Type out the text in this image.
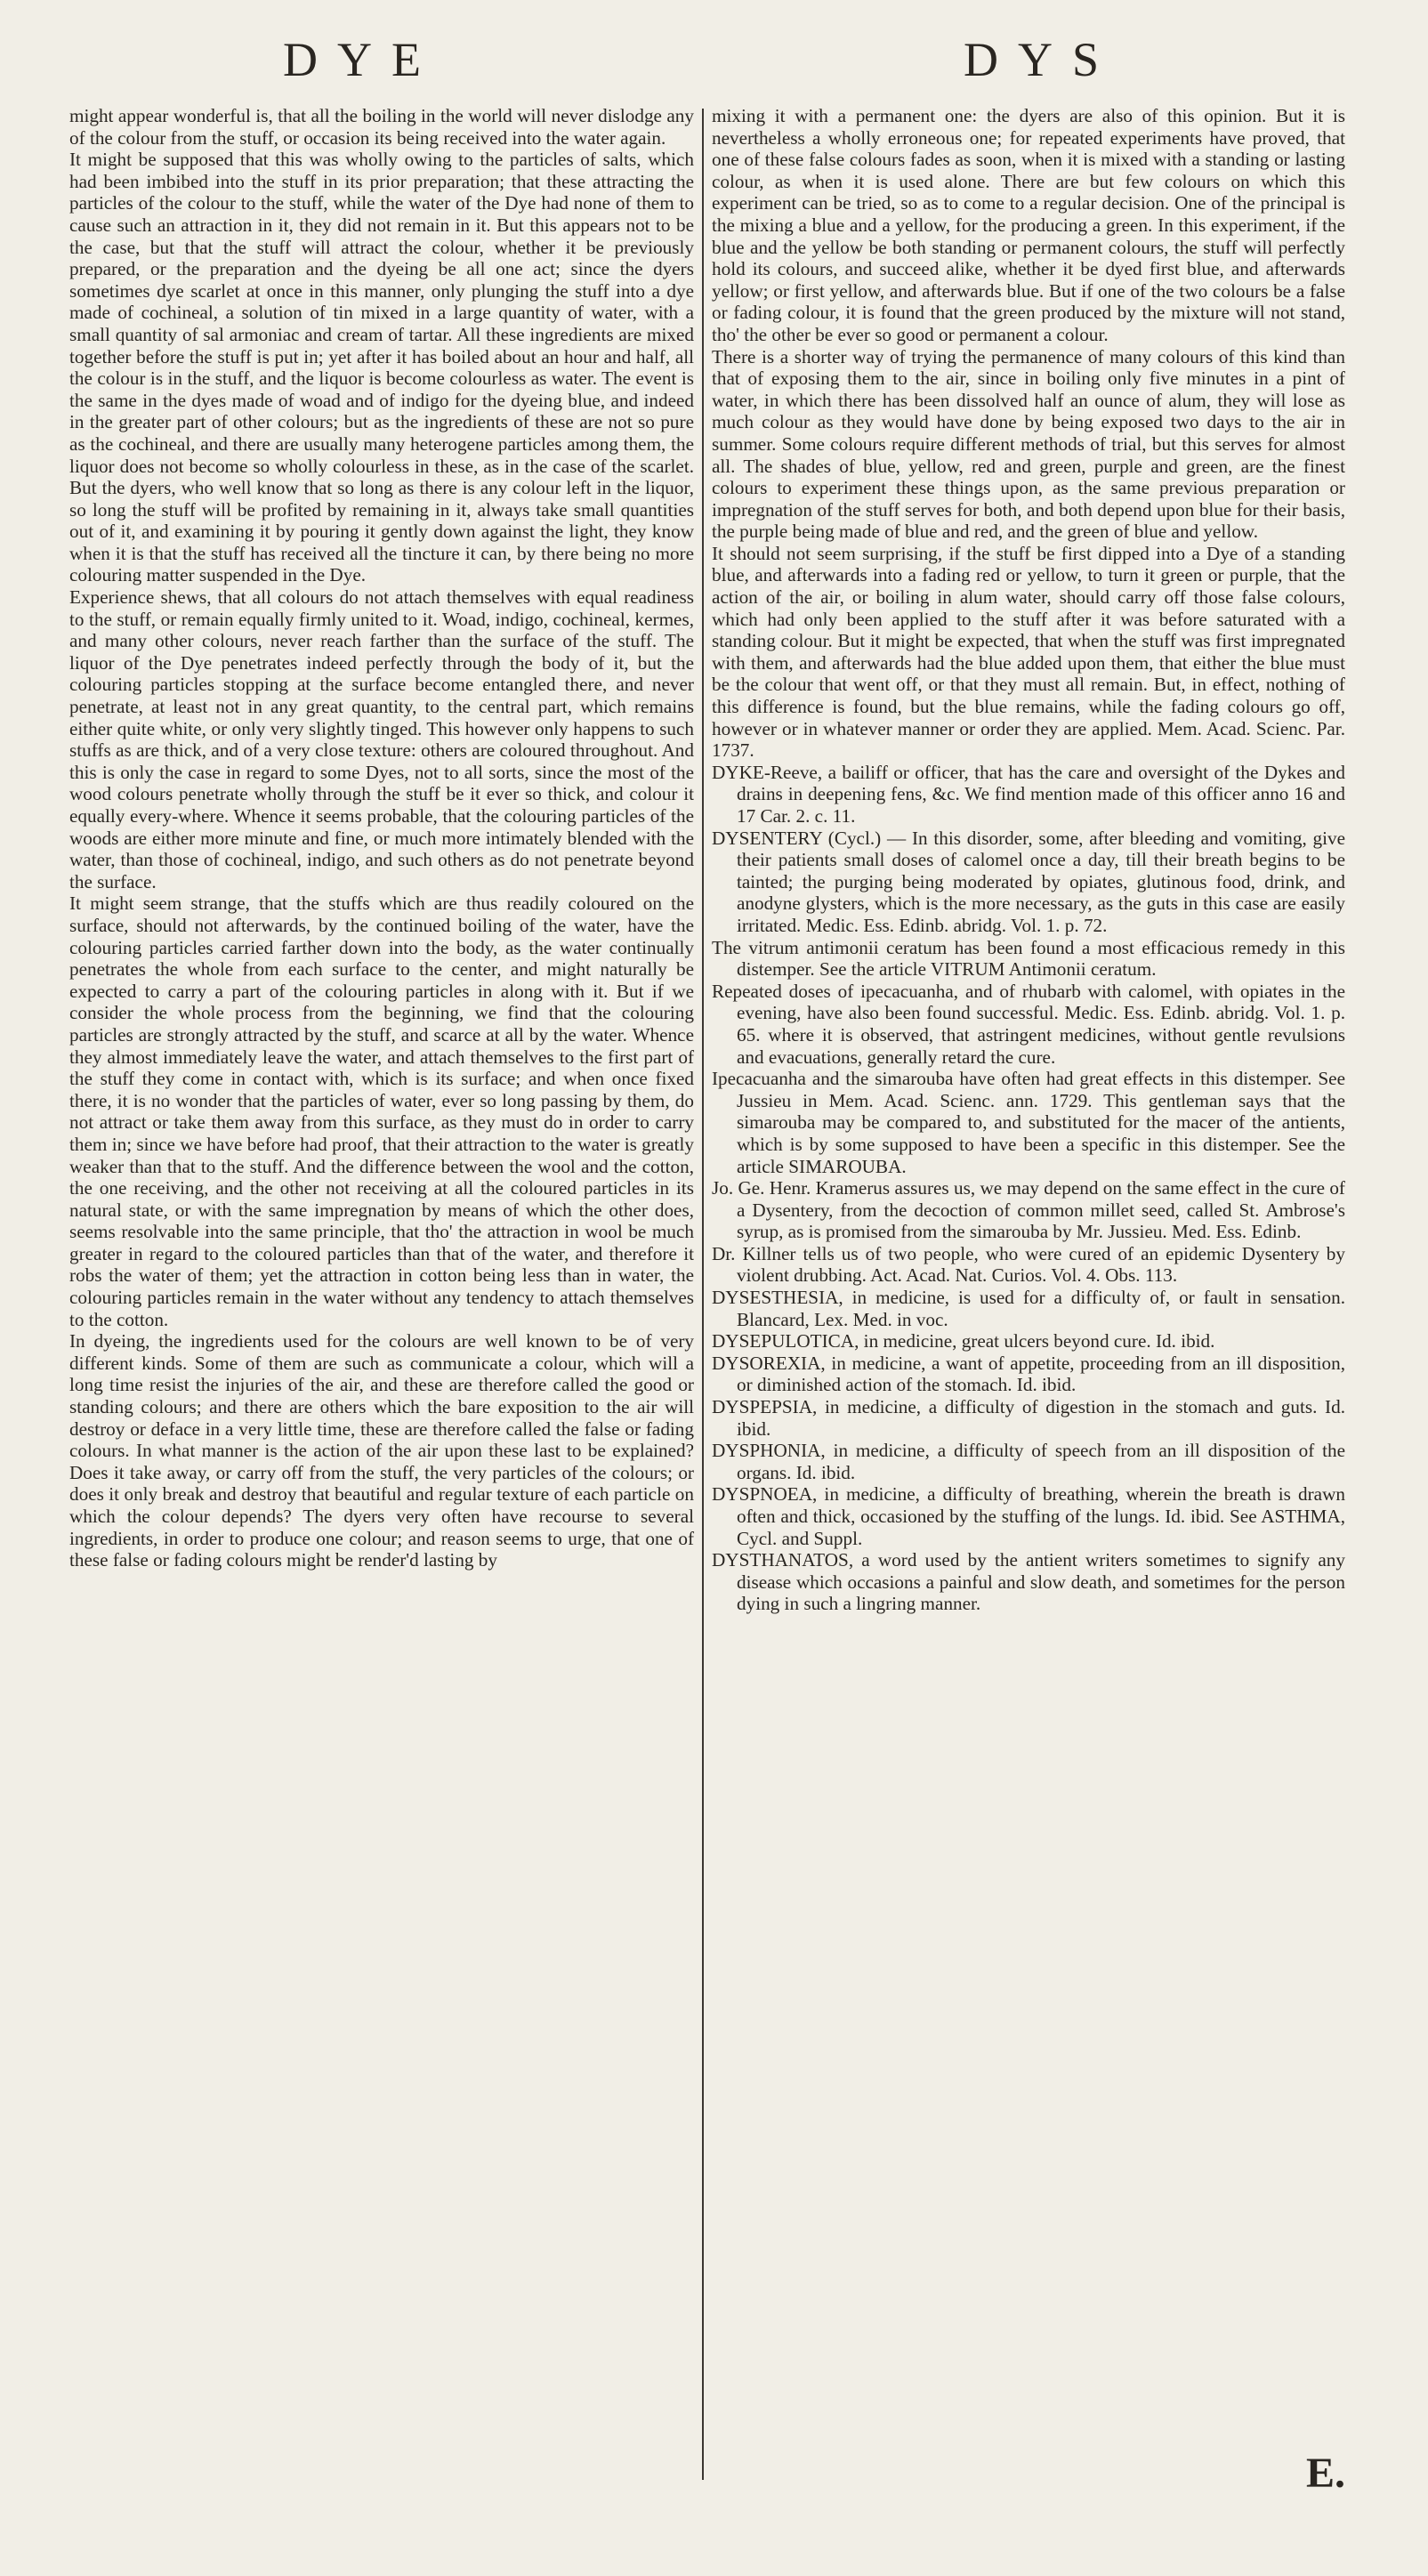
DYE	DYS

might appear wonderful is, that all the boiling in the world will never dislodge any of the colour from the stuff, or occasion its being received into the water again.

It might be supposed that this was wholly owing to the particles of salts, which had been imbibed into the stuff in its prior preparation; that these attracting the particles of the colour to the stuff, while the water of the Dye had none of them to cause such an attraction in it, they did not remain in it. But this appears not to be the case, but that the stuff will attract the colour, whether it be previously prepared, or the preparation and the dyeing be all one act; since the dyers sometimes dye scarlet at once in this manner, only plunging the stuff into a dye made of cochineal, a solution of tin mixed in a large quantity of water, with a small quantity of sal armoniac and cream of tartar. All these ingredients are mixed together before the stuff is put in; yet after it has boiled about an hour and half, all the colour is in the stuff, and the liquor is become colourless as water. The event is the same in the dyes made of woad and of indigo for the dyeing blue, and indeed in the greater part of other colours; but as the ingredients of these are not so pure as the cochineal, and there are usually many heterogene particles among them, the liquor does not become so wholly colourless in these, as in the case of the scarlet. But the dyers, who well know that so long as there is any colour left in the liquor, so long the stuff will be profited by remaining in it, always take small quantities out of it, and examining it by pouring it gently down against the light, they know when it is that the stuff has received all the tincture it can, by there being no more colouring matter suspended in the Dye.

Experience shews, that all colours do not attach themselves with equal readiness to the stuff, or remain equally firmly united to it. Woad, indigo, cochineal, kermes, and many other colours, never reach farther than the surface of the stuff. The liquor of the Dye penetrates indeed perfectly through the body of it, but the colouring particles stopping at the surface become entangled there, and never penetrate, at least not in any great quantity, to the central part, which remains either quite white, or only very slightly tinged. This however only happens to such stuffs as are thick, and of a very close texture: others are coloured throughout. And this is only the case in regard to some Dyes, not to all sorts, since the most of the wood colours penetrate wholly through the stuff be it ever so thick, and colour it equally every-where. Whence it seems probable, that the colouring particles of the woods are either more minute and fine, or much more intimately blended with the water, than those of cochineal, indigo, and such others as do not penetrate beyond the surface.

It might seem strange, that the stuffs which are thus readily coloured on the surface, should not afterwards, by the continued boiling of the water, have the colouring particles carried farther down into the body, as the water continually penetrates the whole from each surface to the center, and might naturally be expected to carry a part of the colouring particles in along with it. But if we consider the whole process from the beginning, we find that the colouring particles are strongly attracted by the stuff, and scarce at all by the water. Whence they almost immediately leave the water, and attach themselves to the first part of the stuff they come in contact with, which is its surface; and when once fixed there, it is no wonder that the particles of water, ever so long passing by them, do not attract or take them away from this surface, as they must do in order to carry them in; since we have before had proof, that their attraction to the water is greatly weaker than that to the stuff. And the difference between the wool and the cotton, the one receiving, and the other not receiving at all the coloured particles in its natural state, or with the same impregnation by means of which the other does, seems resolvable into the same principle, that tho' the attraction in wool be much greater in regard to the coloured particles than that of the water, and therefore it robs the water of them; yet the attraction in cotton being less than in water, the colouring particles remain in the water without any tendency to attach themselves to the cotton.

In dyeing, the ingredients used for the colours are well known to be of very different kinds. Some of them are such as communicate a colour, which will a long time resist the injuries of the air, and these are therefore called the good or standing colours; and there are others which the bare exposition to the air will destroy or deface in a very little time, these are therefore called the false or fading colours. In what manner is the action of the air upon these last to be explained? Does it take away, or carry off from the stuff, the very particles of the colours; or does it only break and destroy that beautiful and regular texture of each particle on which the colour depends? The dyers very often have recourse to several ingredients, in order to produce one colour; and reason seems to urge, that one of these false or fading colours might be render'd lasting by

mixing it with a permanent one: the dyers are also of this opinion. But it is nevertheless a wholly erroneous one; for repeated experiments have proved, that one of these false colours fades as soon, when it is mixed with a standing or lasting colour, as when it is used alone. There are but few colours on which this experiment can be tried, so as to come to a regular decision. One of the principal is the mixing a blue and a yellow, for the producing a green. In this experiment, if the blue and the yellow be both standing or permanent colours, the stuff will perfectly hold its colours, and succeed alike, whether it be dyed first blue, and afterwards yellow; or first yellow, and afterwards blue. But if one of the two colours be a false or fading colour, it is found that the green produced by the mixture will not stand, tho' the other be ever so good or permanent a colour.

There is a shorter way of trying the permanence of many colours of this kind than that of exposing them to the air, since in boiling only five minutes in a pint of water, in which there has been dissolved half an ounce of alum, they will lose as much colour as they would have done by being exposed two days to the air in summer. Some colours require different methods of trial, but this serves for almost all. The shades of blue, yellow, red and green, purple and green, are the finest colours to experiment these things upon, as the same previous preparation or impregnation of the stuff serves for both, and both depend upon blue for their basis, the purple being made of blue and red, and the green of blue and yellow.

It should not seem surprising, if the stuff be first dipped into a Dye of a standing blue, and afterwards into a fading red or yellow, to turn it green or purple, that the action of the air, or boiling in alum water, should carry off those false colours, which had only been applied to the stuff after it was before saturated with a standing colour. But it might be expected, that when the stuff was first impregnated with them, and afterwards had the blue added upon them, that either the blue must be the colour that went off, or that they must all remain. But, in effect, nothing of this difference is found, but the blue remains, while the fading colours go off, however or in whatever manner or order they are applied. Mem. Acad. Scienc. Par. 1737.

DYKE-Reeve, a bailiff or officer, that has the care and oversight of the Dykes and drains in deepening fens, &c. We find mention made of this officer anno 16 and 17 Car. 2. c. 11.

DYSENTERY (Cycl.) — In this disorder, some, after bleeding and vomiting, give their patients small doses of calomel once a day, till their breath begins to be tainted; the purging being moderated by opiates, glutinous food, drink, and anodyne glysters, which is the more necessary, as the guts in this case are easily irritated. Medic. Ess. Edinb. abridg. Vol. 1. p. 72.

The vitrum antimonii ceratum has been found a most efficacious remedy in this distemper. See the article VITRUM Antimonii ceratum.

Repeated doses of ipecacuanha, and of rhubarb with calomel, with opiates in the evening, have also been found successful. Medic. Ess. Edinb. abridg. Vol. 1. p. 65. where it is observed, that astringent medicines, without gentle revulsions and evacuations, generally retard the cure.

Ipecacuanha and the simarouba have often had great effects in this distemper. See Jussieu in Mem. Acad. Scienc. ann. 1729. This gentleman says that the simarouba may be compared to, and substituted for the macer of the antients, which is by some supposed to have been a specific in this distemper. See the article SIMAROUBA.

Jo. Ge. Henr. Kramerus assures us, we may depend on the same effect in the cure of a Dysentery, from the decoction of common millet seed, called St. Ambrose's syrup, as is promised from the simarouba by Mr. Jussieu. Med. Ess. Edinb.

Dr. Killner tells us of two people, who were cured of an epidemic Dysentery by violent drubbing. Act. Acad. Nat. Curios. Vol. 4. Obs. 113.

DYSESTHESIA, in medicine, is used for a difficulty of, or fault in sensation. Blancard, Lex. Med. in voc.

DYSEPULOTICA, in medicine, great ulcers beyond cure. Id. ibid.

DYSOREXIA, in medicine, a want of appetite, proceeding from an ill disposition, or diminished action of the stomach. Id. ibid.

DYSPEPSIA, in medicine, a difficulty of digestion in the stomach and guts. Id. ibid.

DYSPHONIA, in medicine, a difficulty of speech from an ill disposition of the organs. Id. ibid.

DYSPNOEA, in medicine, a difficulty of breathing, wherein the breath is drawn often and thick, occasioned by the stuffing of the lungs. Id. ibid. See ASTHMA, Cycl. and Suppl.

DYSTHANATOS, a word used by the antient writers sometimes to signify any disease which occasions a painful and slow death, and sometimes for the person dying in such a lingring manner.

E.
